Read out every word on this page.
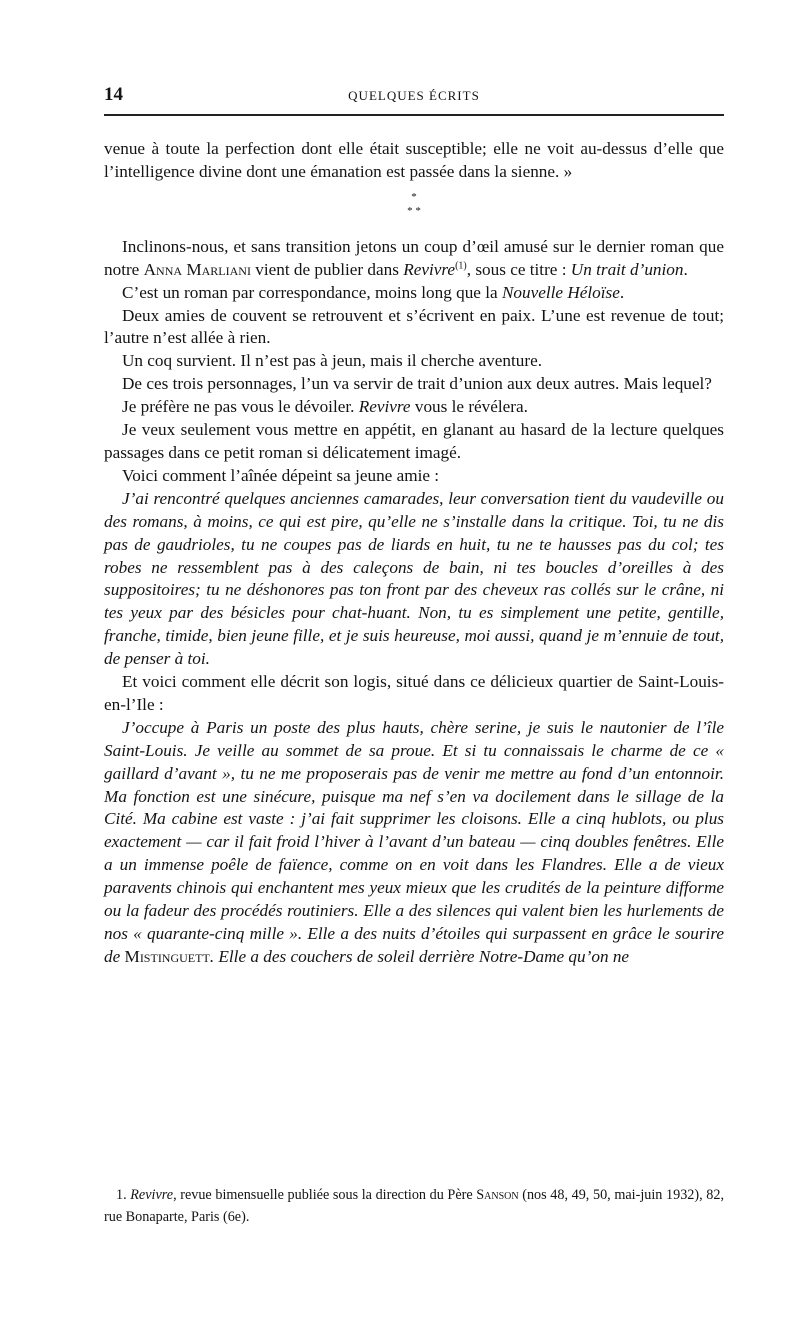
14	QUELQUES ÉCRITS

venue à toute la perfection dont elle était susceptible; elle ne voit au-dessus d’elle que l’intelligence divine dont une émanation est passée dans la sienne. »

*
* *

Inclinons-nous, et sans transition jetons un coup d’œil amusé sur le dernier roman que notre Anna Marliani vient de publier dans Revivre$^{(1)}$, sous ce titre : Un trait d’union.

C’est un roman par correspondance, moins long que la Nouvelle Héloïse.

Deux amies de couvent se retrouvent et s’écrivent en paix. L’une est revenue de tout; l’autre n’est allée à rien.

Un coq survient. Il n’est pas à jeun, mais il cherche aventure.

De ces trois personnages, l’un va servir de trait d’union aux deux autres. Mais lequel?

Je préfère ne pas vous le dévoiler. Revivre vous le révélera.

Je veux seulement vous mettre en appétit, en glanant au hasard de la lecture quelques passages dans ce petit roman si délicatement imagé.

Voici comment l’aînée dépeint sa jeune amie :

J’ai rencontré quelques anciennes camarades, leur conversation tient du vaudeville ou des romans, à moins, ce qui est pire, qu’elle ne s’installe dans la critique. Toi, tu ne dis pas de gaudrioles, tu ne coupes pas de liards en huit, tu ne te hausses pas du col; tes robes ne ressemblent pas à des caleçons de bain, ni tes boucles d’oreilles à des suppositoires; tu ne déshonores pas ton front par des cheveux ras collés sur le crâne, ni tes yeux par des bésicles pour chat-huant. Non, tu es simplement une petite, gentille, franche, timide, bien jeune fille, et je suis heureuse, moi aussi, quand je m’ennuie de tout, de penser à toi.

Et voici comment elle décrit son logis, situé dans ce délicieux quartier de Saint-Louis-en-l’Ile :

J’occupe à Paris un poste des plus hauts, chère serine, je suis le nautonier de l’île Saint-Louis. Je veille au sommet de sa proue. Et si tu connaissais le charme de ce « gaillard d’avant », tu ne me proposerais pas de venir me mettre au fond d’un entonnoir. Ma fonction est une sinécure, puisque ma nef s’en va docilement dans le sillage de la Cité. Ma cabine est vaste : j’ai fait supprimer les cloisons. Elle a cinq hublots, ou plus exactement — car il fait froid l’hiver à l’avant d’un bateau — cinq doubles fenêtres. Elle a un immense poêle de faïence, comme on en voit dans les Flandres. Elle a de vieux paravents chinois qui enchantent mes yeux mieux que les crudités de la peinture difforme ou la fadeur des procédés routiniers. Elle a des silences qui valent bien les hurlements de nos « quarante-cinq mille ». Elle a des nuits d’étoiles qui surpassent en grâce le sourire de Mistinguett. Elle a des couchers de soleil derrière Notre-Dame qu’on ne

1. Revivre, revue bimensuelle publiée sous la direction du Père Sanson (nos 48, 49, 50, mai-juin 1932), 82, rue Bonaparte, Paris (6e).
